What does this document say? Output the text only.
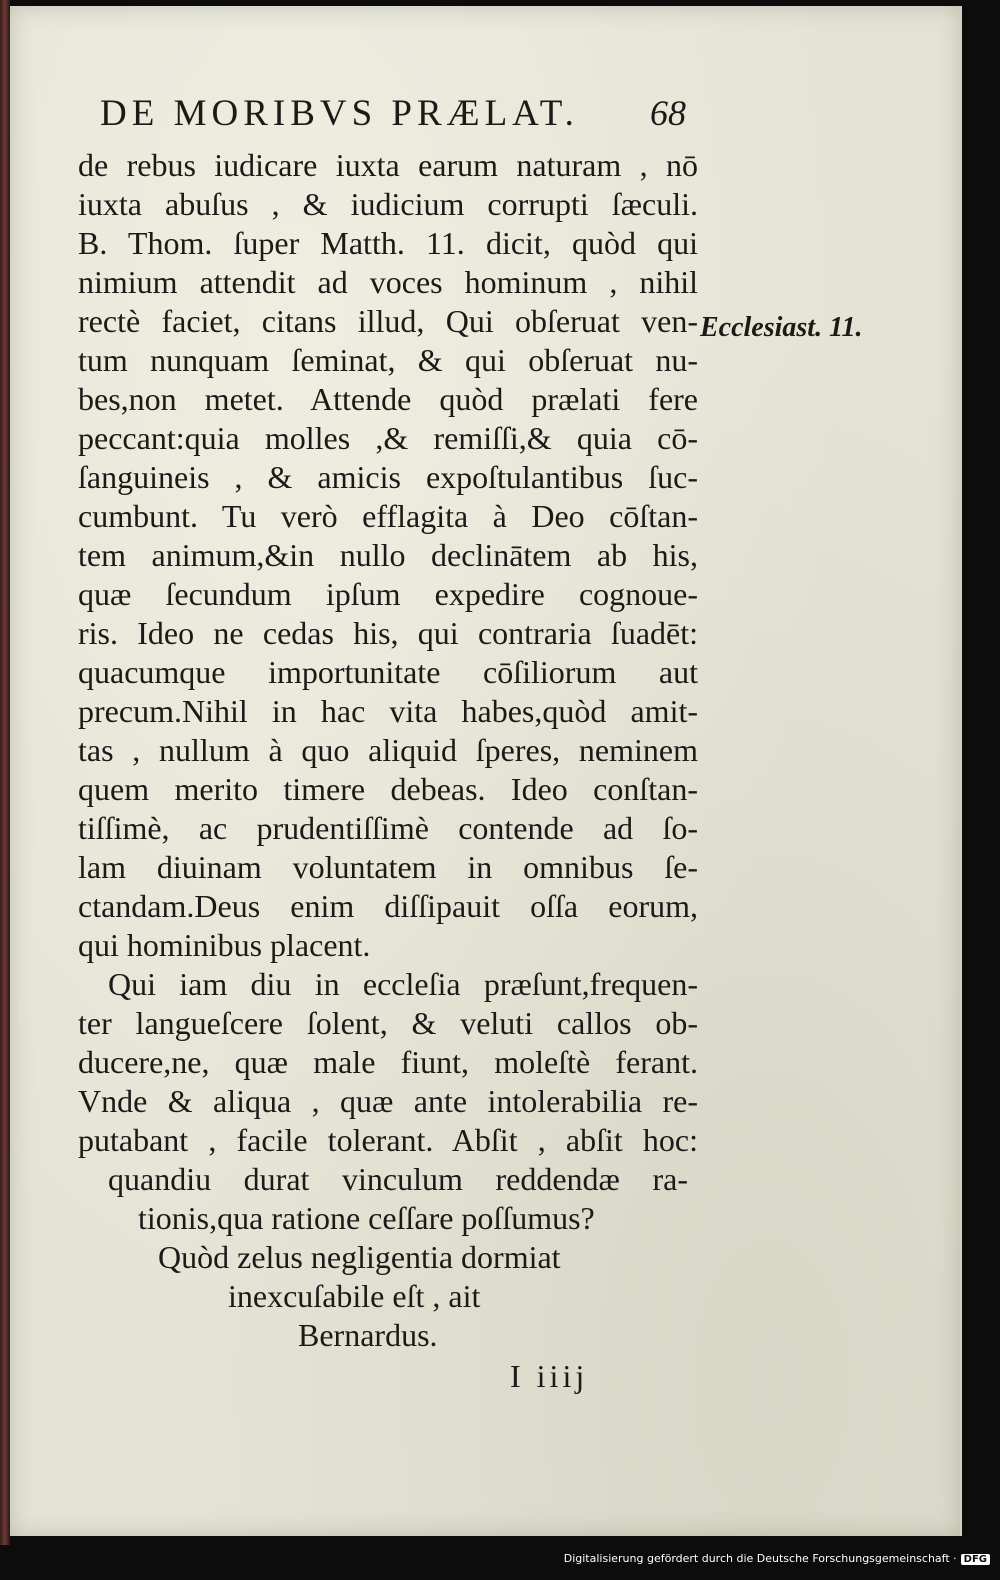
DE MORIBVS PRÆLAT.	68
de rebus iudicare iuxta earum naturam , nō
iuxta abuſus , & iudicium corrupti ſæculi.
B. Thom. ſuper Matth. 11. dicit, quòd qui
nimium attendit ad voces hominum , nihil
rectè faciet, citans illud, Qui obſeruat ven-
tum nunquam ſeminat, & qui obſeruat nu-
bes,non metet. Attende quòd prælati fere
peccant:quia molles ,& remiſſi,& quia cō-
ſanguineis , & amicis expoſtulantibus ſuc-
cumbunt. Tu verò efflagita à Deo cōſtan-
tem animum,&in nullo declinātem ab his,
quæ ſecundum ipſum expedire cognoue-
ris. Ideo ne cedas his, qui contraria ſuadēt:
quacumque importunitate cōſiliorum aut
precum.Nihil in hac vita habes,quòd amit-
tas , nullum à quo aliquid ſperes, neminem
quem merito timere debeas. Ideo conſtan-
tiſſimè, ac prudentiſſimè contende ad ſo-
lam diuinam voluntatem in omnibus ſe-
ctandam.Deus enim diſſipauit oſſa eorum,
qui hominibus placent.
Qui iam diu in eccleſia præſunt,frequen-
ter langueſcere ſolent, & veluti callos ob-
ducere,ne, quæ male fiunt, moleſtè ferant.
Vnde & aliqua , quæ ante intolerabilia re-
putabant , facile tolerant. Abſit , abſit hoc:
quandiu durat vinculum reddendæ ra-
tionis,qua ratione ceſſare poſſumus?
Quòd zelus negligentia dormiat
inexcuſabile eſt , ait
Bernardus.
Ecclesiast. 11.
I iiij
Digitalisierung gefördert durch die Deutsche Forschungsgemeinschaft · DFG
